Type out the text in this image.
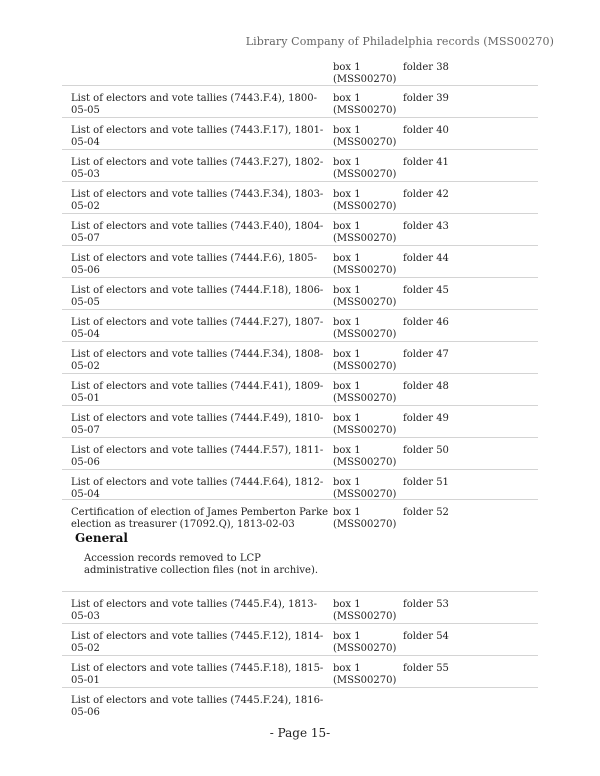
Library Company of Philadelphia records (MSS00270)
box 1
(MSS00270)
folder 38
List of electors and vote tallies (7443.F.4), 1800-05-05
box 1
(MSS00270)
folder 39
List of electors and vote tallies (7443.F.17), 1801-05-04
box 1
(MSS00270)
folder 40
List of electors and vote tallies (7443.F.27), 1802-05-03
box 1
(MSS00270)
folder 41
List of electors and vote tallies (7443.F.34), 1803-05-02
box 1
(MSS00270)
folder 42
List of electors and vote tallies (7443.F.40), 1804-05-07
box 1
(MSS00270)
folder 43
List of electors and vote tallies (7444.F.6), 1805-05-06
box 1
(MSS00270)
folder 44
List of electors and vote tallies (7444.F.18), 1806-05-05
box 1
(MSS00270)
folder 45
List of electors and vote tallies (7444.F.27), 1807-05-04
box 1
(MSS00270)
folder 46
List of electors and vote tallies (7444.F.34), 1808-05-02
box 1
(MSS00270)
folder 47
List of electors and vote tallies (7444.F.41), 1809-05-01
box 1
(MSS00270)
folder 48
List of electors and vote tallies (7444.F.49), 1810-05-07
box 1
(MSS00270)
folder 49
List of electors and vote tallies (7444.F.57), 1811-05-06
box 1
(MSS00270)
folder 50
List of electors and vote tallies (7444.F.64), 1812-05-04
box 1
(MSS00270)
folder 51
Certification of election of James Pemberton Parke election as treasurer (17092.Q), 1813-02-03
box 1
(MSS00270)
folder 52
List of electors and vote tallies (7445.F.4), 1813-05-03
box 1
(MSS00270)
folder 53
List of electors and vote tallies (7445.F.12), 1814-05-02
box 1
(MSS00270)
folder 54
List of electors and vote tallies (7445.F.18), 1815-05-01
box 1
(MSS00270)
folder 55
List of electors and vote tallies (7445.F.24), 1816-05-06
General
Accession records removed to LCP administrative collection files (not in archive).
- Page 15-
